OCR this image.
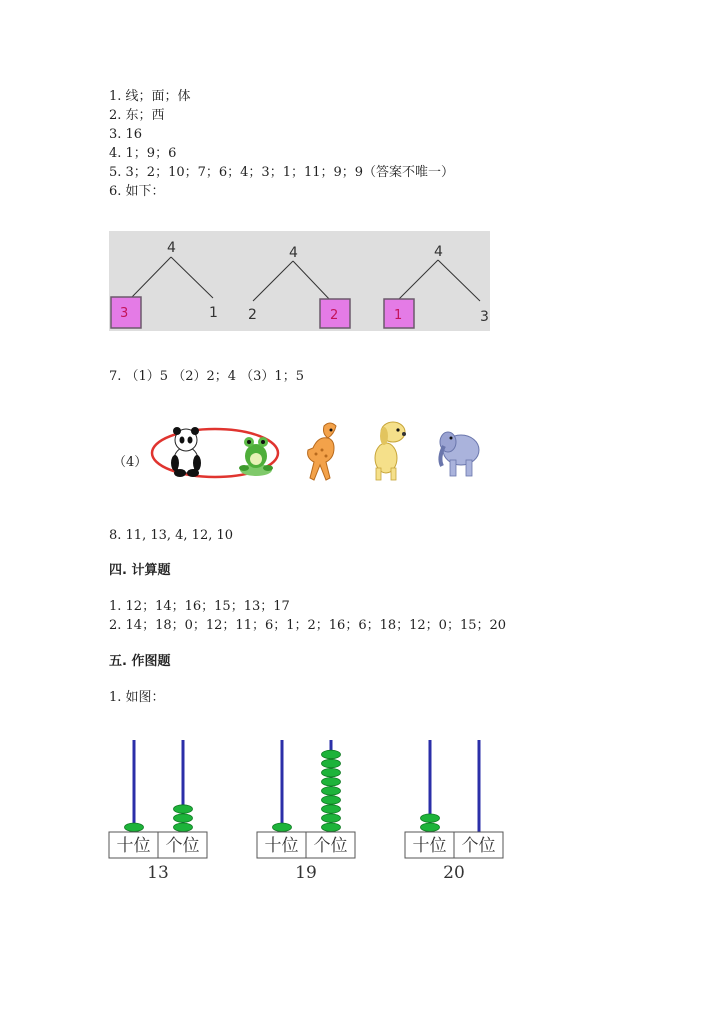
1. 线；面；体
2. 东；西
3. 16
4. 1；9；6
5. 3；2；10；7；6；4；3；1；11；9；9（答案不唯一）
6. 如下：
4
3	1
4
2	2
4
1	3
7. （1）5 （2）2；4 （3）1；5
（4）
8. 11, 13, 4, 12, 10
四. 计算题
1. 12；14；16；15；13；17
2. 14；18；0；12；11；6；1；2；16；6；18；12；0；15；20
五. 作图题
1. 如图：
十位 个位
13
十位 个位
19
十位 个位
20
